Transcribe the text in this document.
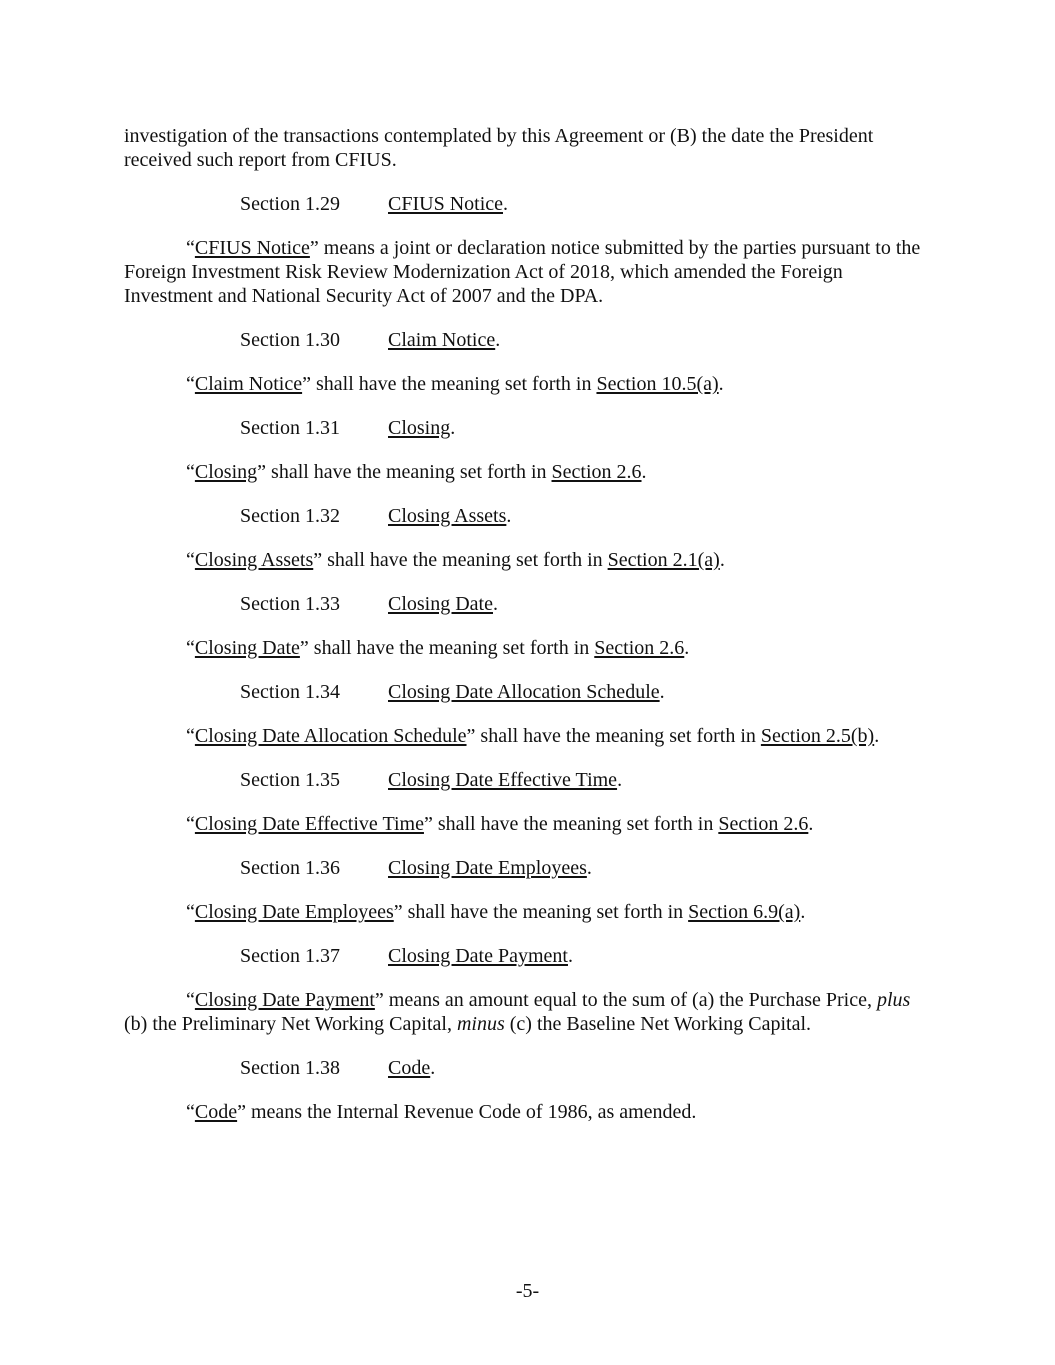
investigation of the transactions contemplated by this Agreement or (B) the date the President received such report from CFIUS.

Section 1.29 CFIUS Notice.

“CFIUS Notice” means a joint or declaration notice submitted by the parties pursuant to the Foreign Investment Risk Review Modernization Act of 2018, which amended the Foreign Investment and National Security Act of 2007 and the DPA.

Section 1.30 Claim Notice.

“Claim Notice” shall have the meaning set forth in Section 10.5(a).

Section 1.31 Closing.

“Closing” shall have the meaning set forth in Section 2.6.

Section 1.32 Closing Assets.

“Closing Assets” shall have the meaning set forth in Section 2.1(a).

Section 1.33 Closing Date.

“Closing Date” shall have the meaning set forth in Section 2.6.

Section 1.34 Closing Date Allocation Schedule.

“Closing Date Allocation Schedule” shall have the meaning set forth in Section 2.5(b).

Section 1.35 Closing Date Effective Time.

“Closing Date Effective Time” shall have the meaning set forth in Section 2.6.

Section 1.36 Closing Date Employees.

“Closing Date Employees” shall have the meaning set forth in Section 6.9(a).

Section 1.37 Closing Date Payment.

“Closing Date Payment” means an amount equal to the sum of (a) the Purchase Price, plus (b) the Preliminary Net Working Capital, minus (c) the Baseline Net Working Capital.

Section 1.38 Code.

“Code” means the Internal Revenue Code of 1986, as amended.

-5-
